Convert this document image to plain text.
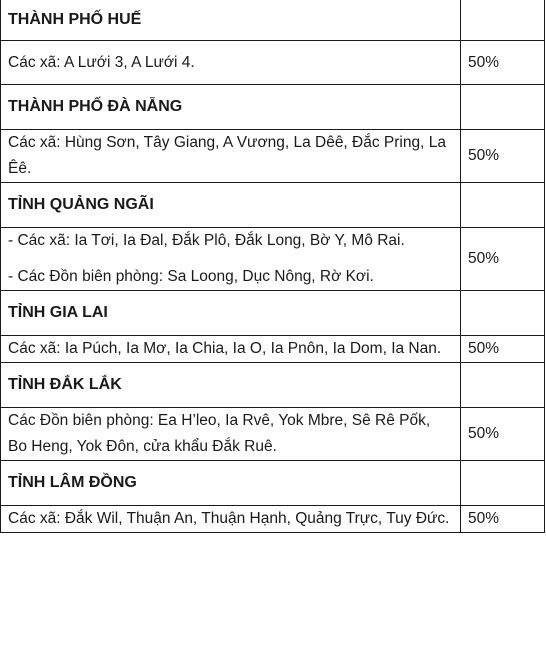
THÀNH PHỐ HUẾ	

Các xã: A Lưới 3, A Lưới 4.	50%
THÀNH PHỐ ĐÀ NẴNG	

Các xã: Hùng Sơn, Tây Giang, A Vương, La Dêê, Đắc Pring, La Êê.	50%
TỈNH QUẢNG NGÃI	

- Các xã: Ia Tơi, Ia Đal, Đắk Plô, Đắk Long, Bờ Y, Mô Rai.

- Các Đồn biên phòng: Sa Loong, Dục Nông, Rờ Kơi.	50%
TỈNH GIA LAI	

Các xã: Ia Púch, Ia Mơ, Ia Chia, Ia O, Ia Pnôn, Ia Dom, Ia Nan.	50%
TỈNH ĐẮK LẮK	

Các Đồn biên phòng: Ea H’leo, Ia Rvê, Yok Mbre, Sê Rê Pốk, Bo Heng, Yok Đôn, cửa khẩu Đắk Ruê.	50%
TỈNH LÂM ĐỒNG	

Các xã: Đắk Wil, Thuận An, Thuận Hạnh, Quảng Trực, Tuy Đức.	50%
